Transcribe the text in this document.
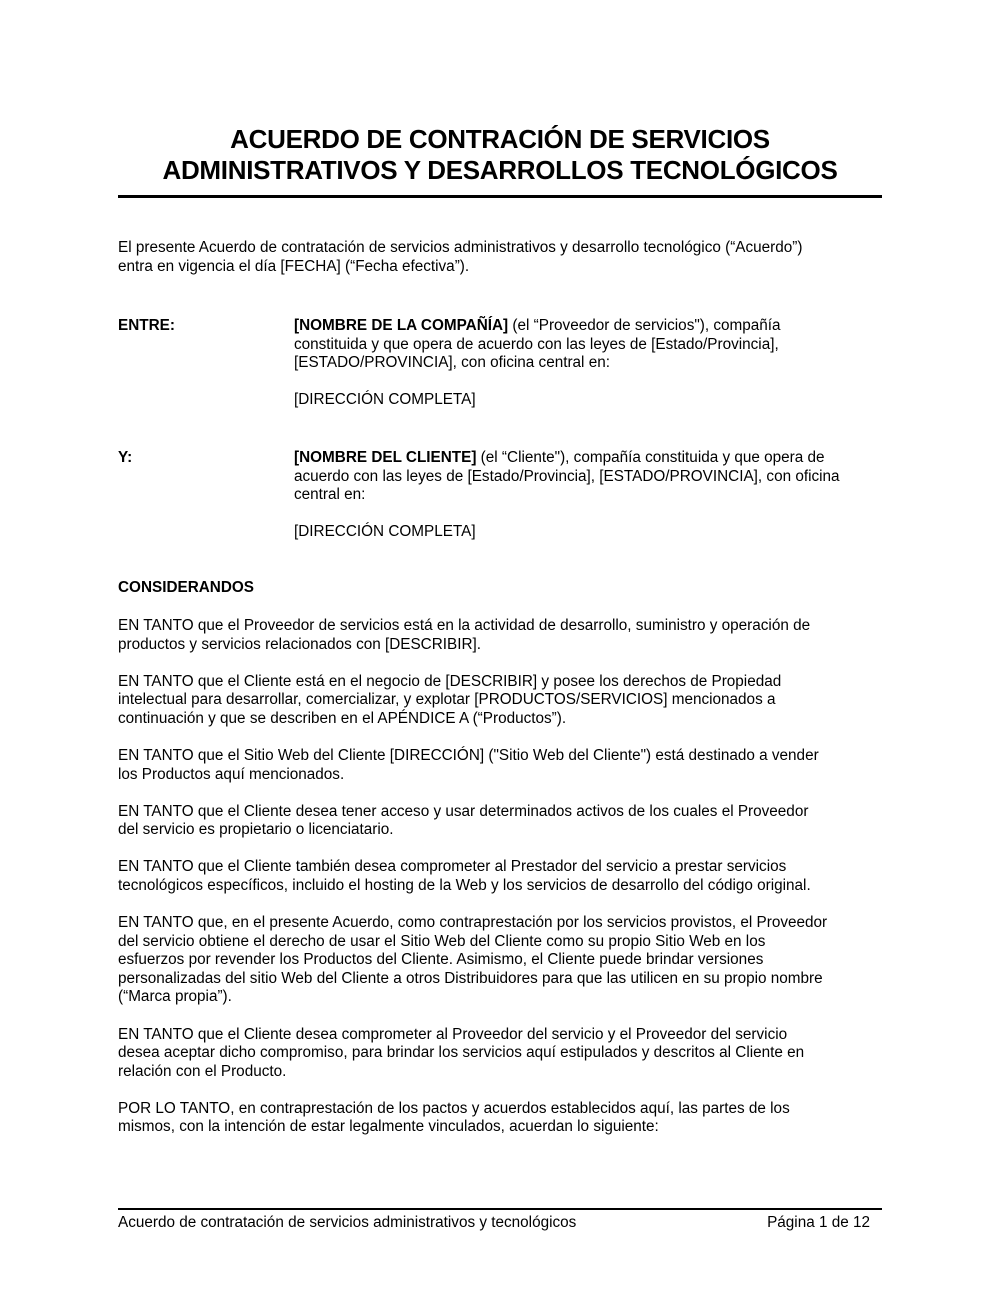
ACUERDO DE CONTRACIÓN DE SERVICIOS
ADMINISTRATIVOS Y DESARROLLOS TECNOLÓGICOS

El presente Acuerdo de contratación de servicios administrativos y desarrollo tecnológico (“Acuerdo”)
entra en vigencia el día [FECHA] (“Fecha efectiva”).

ENTRE:	[NOMBRE DE LA COMPAÑÍA] (el “Proveedor de servicios"), compañía
constituida y que opera de acuerdo con las leyes de [Estado/Provincia],
[ESTADO/PROVINCIA], con oficina central en:

[DIRECCIÓN COMPLETA]

Y:	[NOMBRE DEL CLIENTE] (el “Cliente"), compañía constituida y que opera de
acuerdo con las leyes de [Estado/Provincia], [ESTADO/PROVINCIA], con oficina
central en:

[DIRECCIÓN COMPLETA]

CONSIDERANDOS

EN TANTO que el Proveedor de servicios está en la actividad de desarrollo, suministro y operación de
productos y servicios relacionados con [DESCRIBIR].

EN TANTO que el Cliente está en el negocio de [DESCRIBIR] y posee los derechos de Propiedad
intelectual para desarrollar, comercializar, y explotar [PRODUCTOS/SERVICIOS] mencionados a
continuación y que se describen en el APÉNDICE A (“Productos”).

EN TANTO que el Sitio Web del Cliente [DIRECCIÓN] ("Sitio Web del Cliente") está destinado a vender
los Productos aquí mencionados.

EN TANTO que el Cliente desea tener acceso y usar determinados activos de los cuales el Proveedor
del servicio es propietario o licenciatario.

EN TANTO que el Cliente también desea comprometer al Prestador del servicio a prestar servicios
tecnológicos específicos, incluido el hosting de la Web y los servicios de desarrollo del código original.

EN TANTO que, en el presente Acuerdo, como contraprestación por los servicios provistos, el Proveedor
del servicio obtiene el derecho de usar el Sitio Web del Cliente como su propio Sitio Web en los
esfuerzos por revender los Productos del Cliente. Asimismo, el Cliente puede brindar versiones
personalizadas del sitio Web del Cliente a otros Distribuidores para que las utilicen en su propio nombre
(“Marca propia”).

EN TANTO que el Cliente desea comprometer al Proveedor del servicio y el Proveedor del servicio
desea aceptar dicho compromiso, para brindar los servicios aquí estipulados y descritos al Cliente en
relación con el Producto.

POR LO TANTO, en contraprestación de los pactos y acuerdos establecidos aquí, las partes de los
mismos, con la intención de estar legalmente vinculados, acuerdan lo siguiente:

Acuerdo de contratación de servicios administrativos y tecnológicos	Página 1 de 12
